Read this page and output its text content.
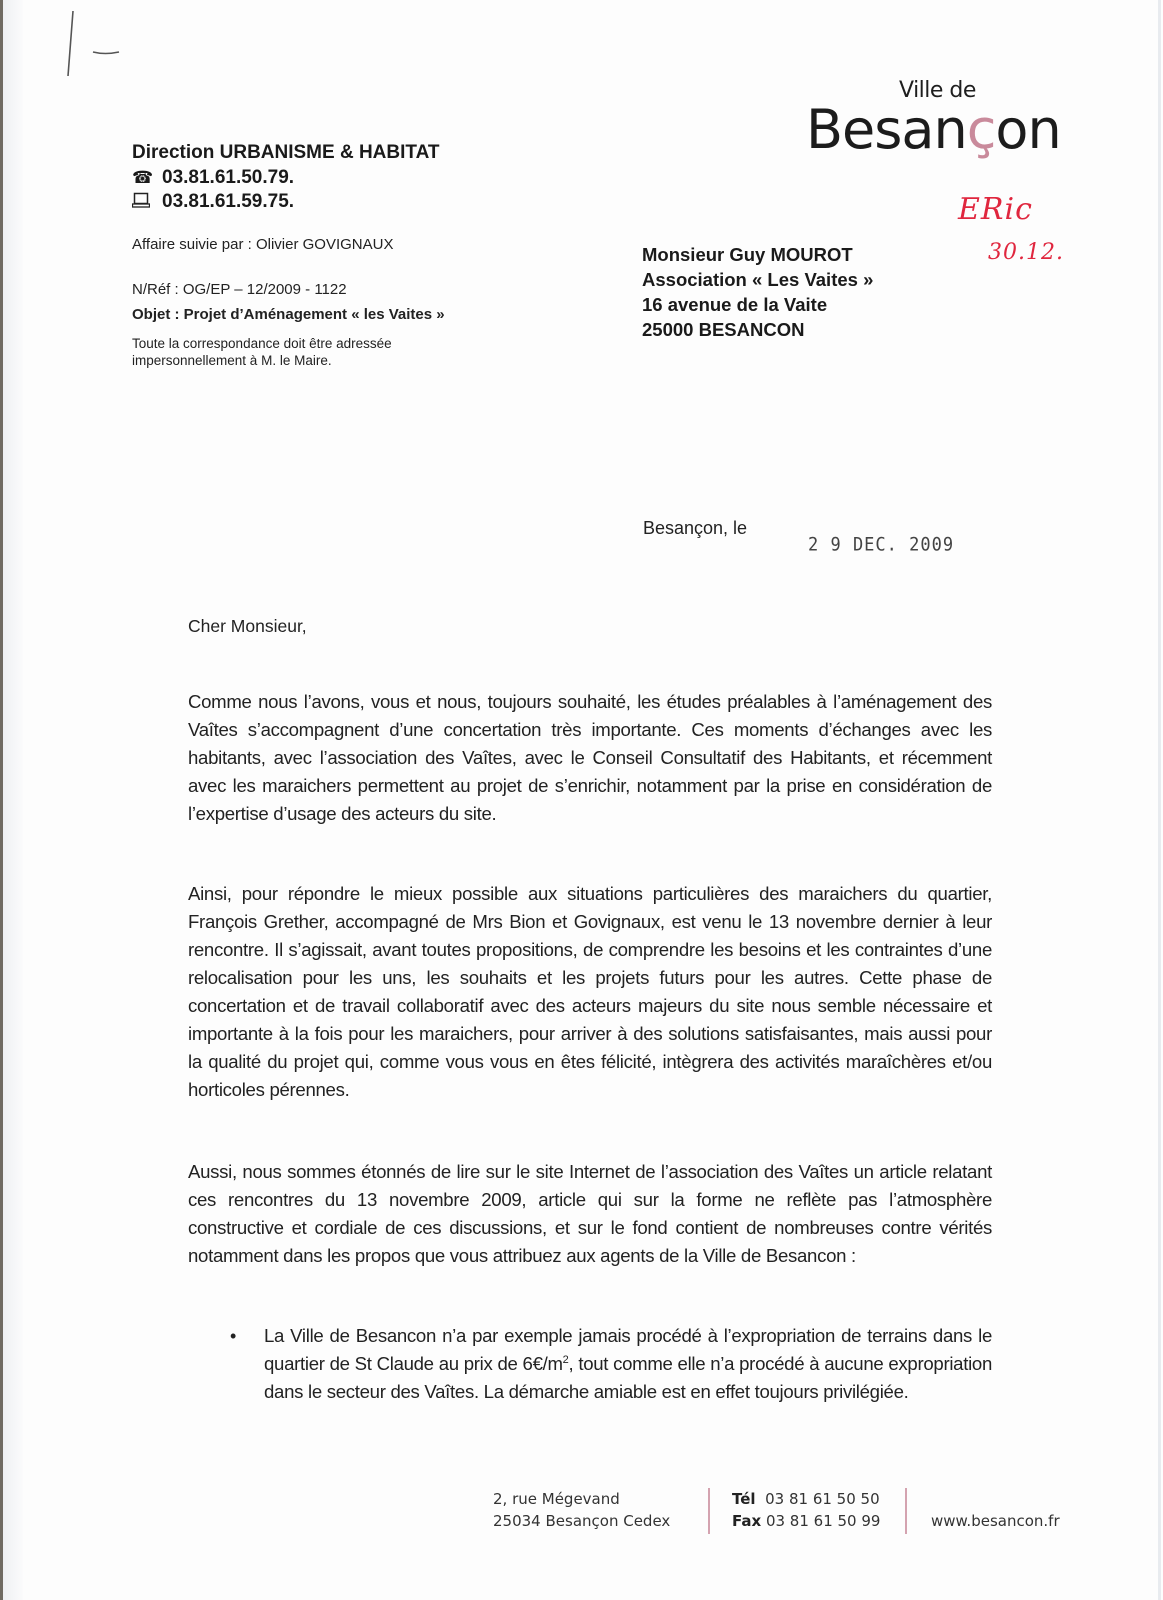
Ville de
Besançon
ERic
30.12.
Direction URBANISME & HABITAT
☎ 03.81.61.50.79.
03.81.61.59.75.
Affaire suivie par : Olivier GOVIGNAUX
N/Réf : OG/EP – 12/2009 - 1122
Objet : Projet d’Aménagement « les Vaites »
Toute la correspondance doit être adressée
impersonnellement à M. le Maire.
Monsieur Guy MOUROT
Association « Les Vaites »
16 avenue de la Vaite
25000 BESANCON
Besançon, le
2 9 DEC. 2009
Cher Monsieur,
Comme nous l’avons, vous et nous, toujours souhaité, les études préalables à l’aménagement des Vaîtes s’accompagnent d’une concertation très importante. Ces moments d’échanges avec les habitants, avec l’association des Vaîtes, avec le Conseil Consultatif des Habitants, et récemment avec les maraichers permettent au projet de s’enrichir, notamment par la prise en considération de l’expertise d’usage des acteurs du site.
Ainsi, pour répondre le mieux possible aux situations particulières des maraichers du quartier, François Grether, accompagné de Mrs Bion et Govignaux, est venu le 13 novembre dernier à leur rencontre. Il s’agissait, avant toutes propositions, de comprendre les besoins et les contraintes d’une relocalisation pour les uns, les souhaits et les projets futurs pour les autres. Cette phase de concertation et de travail collaboratif avec des acteurs majeurs du site nous semble nécessaire et importante à la fois pour les maraichers, pour arriver à des solutions satisfaisantes, mais aussi pour la qualité du projet qui, comme vous vous en êtes félicité, intègrera des activités maraîchères et/ou horticoles pérennes.
Aussi, nous sommes étonnés de lire sur le site Internet de l’association des Vaîtes un article relatant ces rencontres du 13 novembre 2009, article qui sur la forme ne reflète pas l’atmosphère constructive et cordiale de ces discussions, et sur le fond contient de nombreuses contre vérités notamment dans les propos que vous attribuez aux agents de la Ville de Besancon :
• La Ville de Besancon n’a par exemple jamais procédé à l’expropriation de terrains dans le quartier de St Claude au prix de $6€/m^2$, tout comme elle n’a procédé à aucune expropriation dans le secteur des Vaîtes. La démarche amiable est en effet toujours privilégiée.
2, rue Mégevand
25034 Besançon Cedex
Tél 03 81 61 50 50
Fax 03 81 61 50 99	www.besancon.fr
